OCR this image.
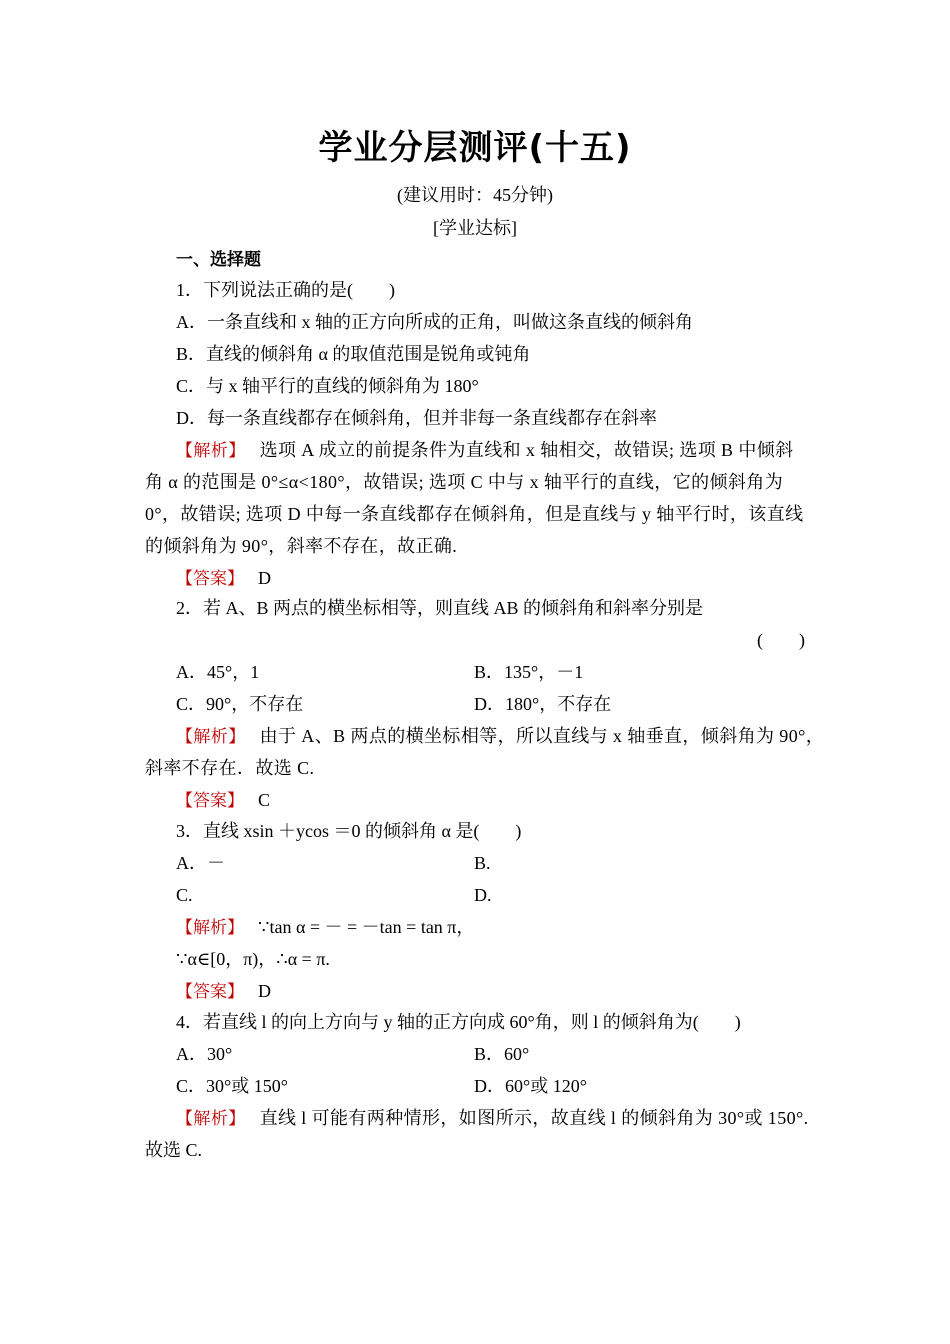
学业分层测评(十五)
(建议用时：45分钟)
[学业达标]
一、选择题
1．下列说法正确的是(　　)
A．一条直线和 x 轴的正方向所成的正角，叫做这条直线的倾斜角
B．直线的倾斜角 α 的取值范围是锐角或钝角
C．与 x 轴平行的直线的倾斜角为 180°
D．每一条直线都存在倾斜角，但并非每一条直线都存在斜率
【解析】 选项 A 成立的前提条件为直线和 x 轴相交，故错误; 选项 B 中倾斜
角 α 的范围是 0°≤α<180°，故错误; 选项 C 中与 x 轴平行的直线，它的倾斜角为
0°，故错误; 选项 D 中每一条直线都存在倾斜角，但是直线与 y 轴平行时，该直线
的倾斜角为 90°，斜率不存在，故正确.
【答案】 D
2．若 A、B 两点的横坐标相等，则直线 AB 的倾斜角和斜率分别是
(　　)
A．45°，1	B．135°，－1
C．90°，不存在	D．180°，不存在
【解析】 由于 A、B 两点的横坐标相等，所以直线与 x 轴垂直，倾斜角为 90°，
斜率不存在．故选 C.
【答案】 C
3．直线 xsin ＋ycos ＝0 的倾斜角 α 是(　　)
A．－	B.
C.	D.
【解析】 ∵tan α = － = －tan = tan π，
∵α∈[0，π)，∴α = π.
【答案】 D
4．若直线 l 的向上方向与 y 轴的正方向成 60°角，则 l 的倾斜角为(　　)
A．30°	B．60°
C．30°或 150°	D．60°或 120°
【解析】 直线 l 可能有两种情形，如图所示，故直线 l 的倾斜角为 30°或 150°.
故选 C.
